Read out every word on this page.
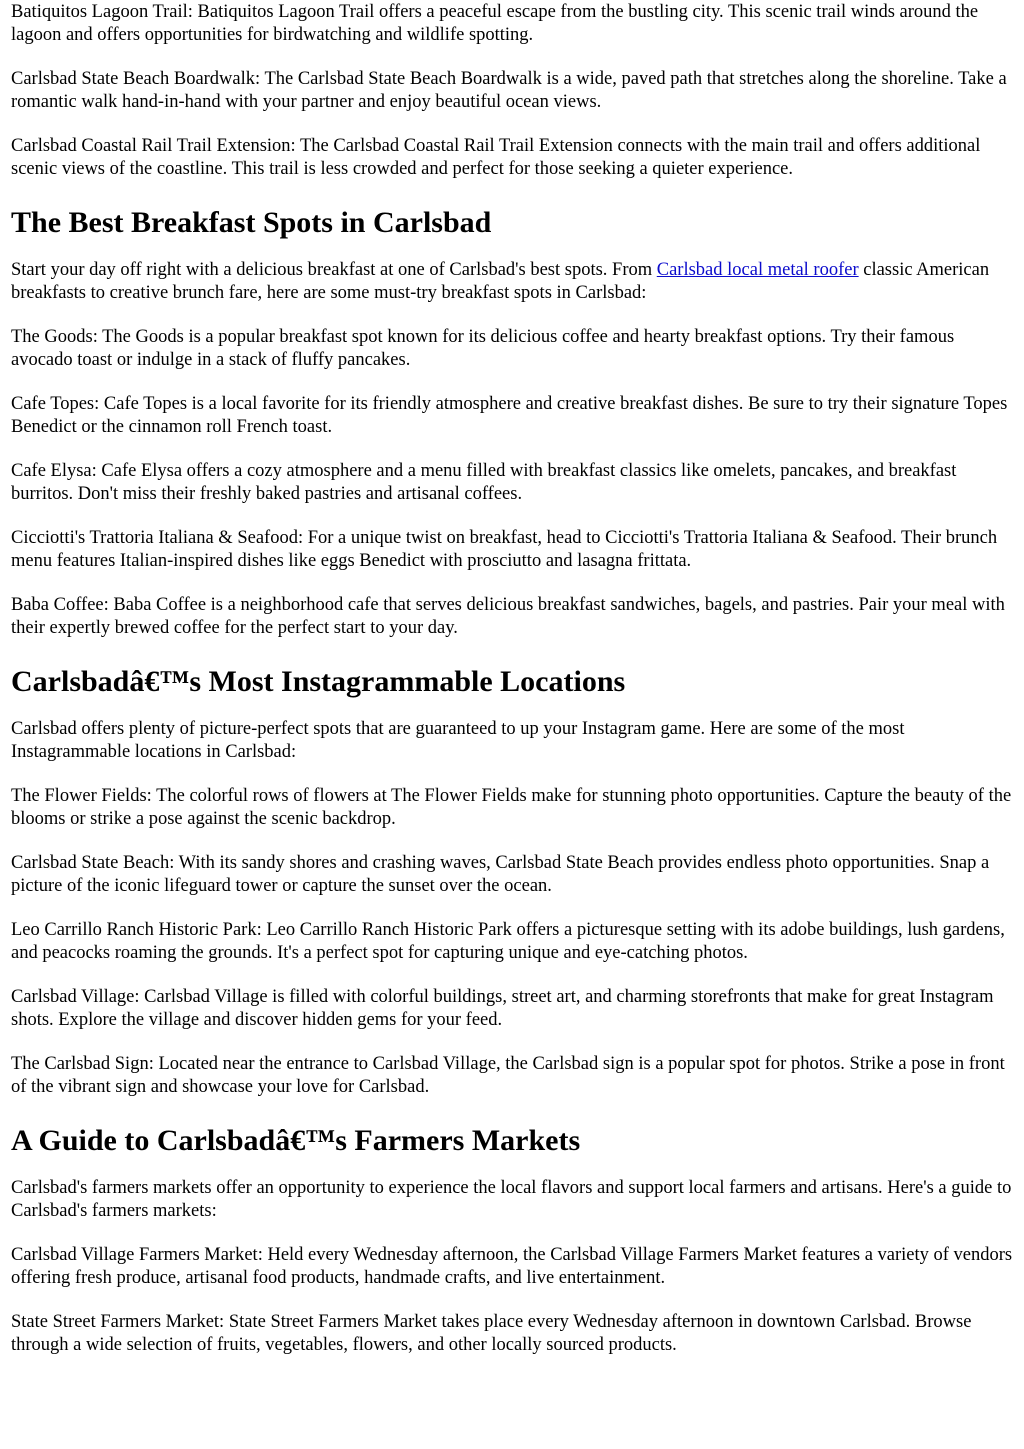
Batiquitos Lagoon Trail: Batiquitos Lagoon Trail offers a peaceful escape from the bustling city. This scenic trail winds around the lagoon and offers opportunities for birdwatching and wildlife spotting.

Carlsbad State Beach Boardwalk: The Carlsbad State Beach Boardwalk is a wide, paved path that stretches along the shoreline. Take a romantic walk hand-in-hand with your partner and enjoy beautiful ocean views.

Carlsbad Coastal Rail Trail Extension: The Carlsbad Coastal Rail Trail Extension connects with the main trail and offers additional scenic views of the coastline. This trail is less crowded and perfect for those seeking a quieter experience.

The Best Breakfast Spots in Carlsbad

Start your day off right with a delicious breakfast at one of Carlsbad's best spots. From Carlsbad local metal roofer classic American breakfasts to creative brunch fare, here are some must-try breakfast spots in Carlsbad:

The Goods: The Goods is a popular breakfast spot known for its delicious coffee and hearty breakfast options. Try their famous avocado toast or indulge in a stack of fluffy pancakes.

Cafe Topes: Cafe Topes is a local favorite for its friendly atmosphere and creative breakfast dishes. Be sure to try their signature Topes Benedict or the cinnamon roll French toast.

Cafe Elysa: Cafe Elysa offers a cozy atmosphere and a menu filled with breakfast classics like omelets, pancakes, and breakfast burritos. Don't miss their freshly baked pastries and artisanal coffees.

Cicciotti's Trattoria Italiana & Seafood: For a unique twist on breakfast, head to Cicciotti's Trattoria Italiana & Seafood. Their brunch menu features Italian-inspired dishes like eggs Benedict with prosciutto and lasagna frittata.

Baba Coffee: Baba Coffee is a neighborhood cafe that serves delicious breakfast sandwiches, bagels, and pastries. Pair your meal with their expertly brewed coffee for the perfect start to your day.

Carlsbadâ€™s Most Instagrammable Locations

Carlsbad offers plenty of picture-perfect spots that are guaranteed to up your Instagram game. Here are some of the most Instagrammable locations in Carlsbad:

The Flower Fields: The colorful rows of flowers at The Flower Fields make for stunning photo opportunities. Capture the beauty of the blooms or strike a pose against the scenic backdrop.

Carlsbad State Beach: With its sandy shores and crashing waves, Carlsbad State Beach provides endless photo opportunities. Snap a picture of the iconic lifeguard tower or capture the sunset over the ocean.

Leo Carrillo Ranch Historic Park: Leo Carrillo Ranch Historic Park offers a picturesque setting with its adobe buildings, lush gardens, and peacocks roaming the grounds. It's a perfect spot for capturing unique and eye-catching photos.

Carlsbad Village: Carlsbad Village is filled with colorful buildings, street art, and charming storefronts that make for great Instagram shots. Explore the village and discover hidden gems for your feed.

The Carlsbad Sign: Located near the entrance to Carlsbad Village, the Carlsbad sign is a popular spot for photos. Strike a pose in front of the vibrant sign and showcase your love for Carlsbad.

A Guide to Carlsbadâ€™s Farmers Markets

Carlsbad's farmers markets offer an opportunity to experience the local flavors and support local farmers and artisans. Here's a guide to Carlsbad's farmers markets:

Carlsbad Village Farmers Market: Held every Wednesday afternoon, the Carlsbad Village Farmers Market features a variety of vendors offering fresh produce, artisanal food products, handmade crafts, and live entertainment.

State Street Farmers Market: State Street Farmers Market takes place every Wednesday afternoon in downtown Carlsbad. Browse through a wide selection of fruits, vegetables, flowers, and other locally sourced products.
